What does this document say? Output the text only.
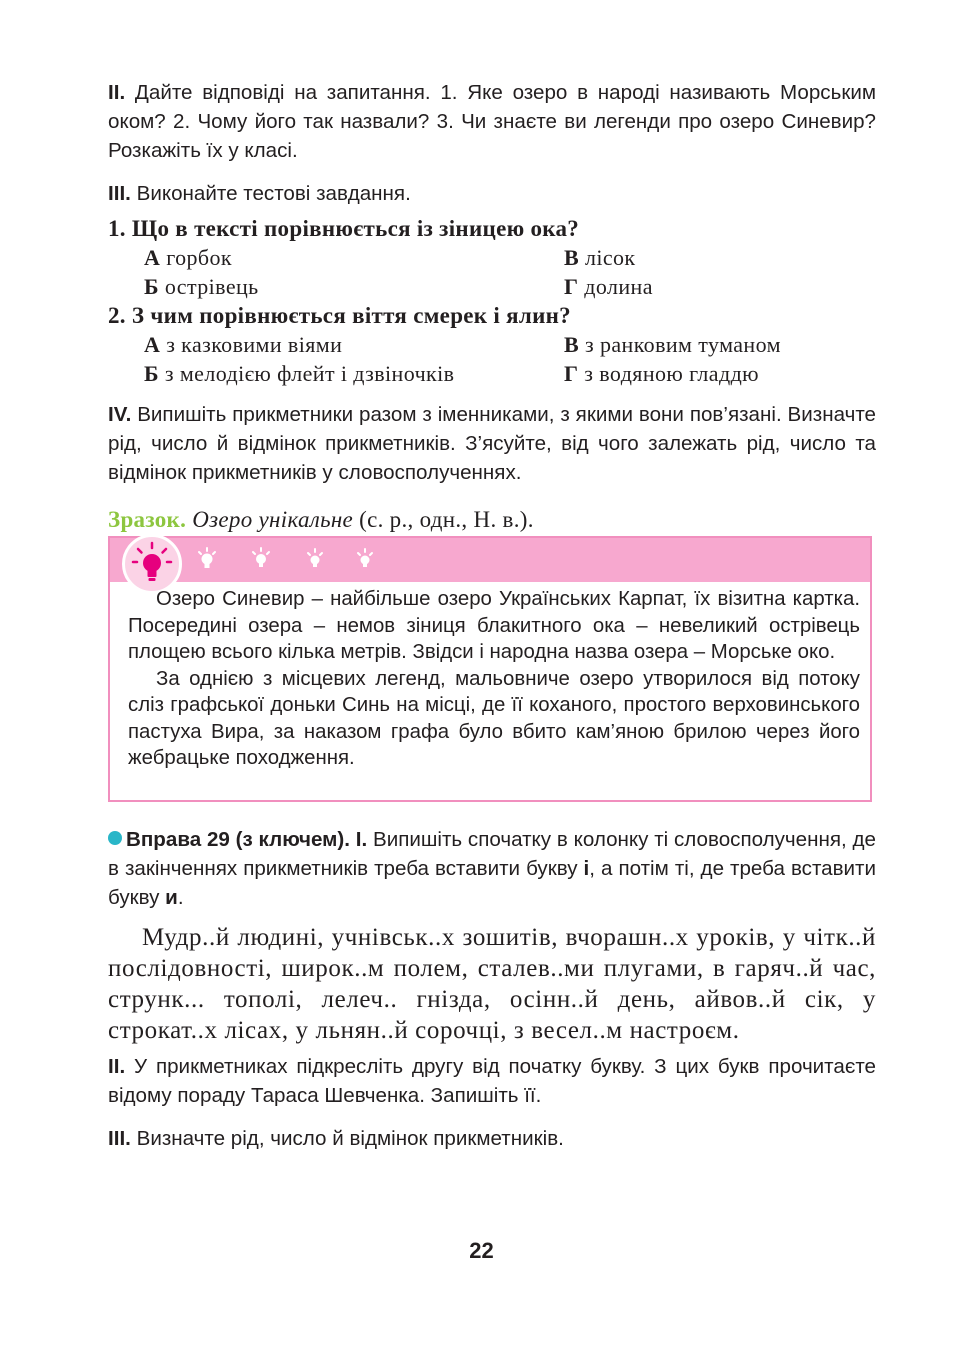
II. Дайте відповіді на запитання. 1. Яке озеро в народі називають Морським оком? 2. Чому його так назвали? 3. Чи знаєте ви легенди про озеро Синевир? Розкажіть їх у класі.

III. Виконайте тестові завдання.

1. Що в тексті порівнюється із зіницею ока?

А горбок	В лісок
Б острівець	Г долина

2. З чим порівнюється віття смерек і ялин?

А з казковими віями	В з ранковим туманом
Б з мелодією флейт і дзвіночків	Г з водяною гладдю

IV. Випишіть прикметники разом з іменниками, з якими вони пов’язані. Визначте рід, число й відмінок прикметників. З’ясуйте, від чого залежать рід, число та відмінок прикметників у словосполученнях.

Зразок. Озеро унікальне (с. р., одн., Н. в.).

Озеро Синевир – найбільше озеро Українських Карпат, їх візитна картка. Посередині озера – немов зіниця блакитного ока – невеликий острівець площею всього кілька метрів. Звідси і народна назва озера – Морське око.

За однією з місцевих легенд, мальовниче озеро утворилося від потоку сліз графської доньки Синь на місці, де її коханого, простого верховинського пастуха Вира, за наказом графа було вбито кам’яною брилою через його жебрацьке походження.

Вправа 29 (з ключем). I. Випишіть спочатку в колонку ті словосполучення, де в закінченнях прикметників треба вставити букву і, а потім ті, де треба вставити букву и.

Мудр..й людині, учнівськ..х зошитів, вчорашн..х уроків, у чітк..й послідовності, широк..м полем, сталев..ми плугами, в гаряч..й час, струнк... тополі, лелеч.. гнізда, осінн..й день, айвов..й сік, у строкат..х лісах, у льнян..й сорочці, з весел..м настроєм.

II. У прикметниках підкресліть другу від початку букву. З цих букв прочитаєте відому пораду Тараса Шевченка. Запишіть її.

III. Визначте рід, число й відмінок прикметників.

22
